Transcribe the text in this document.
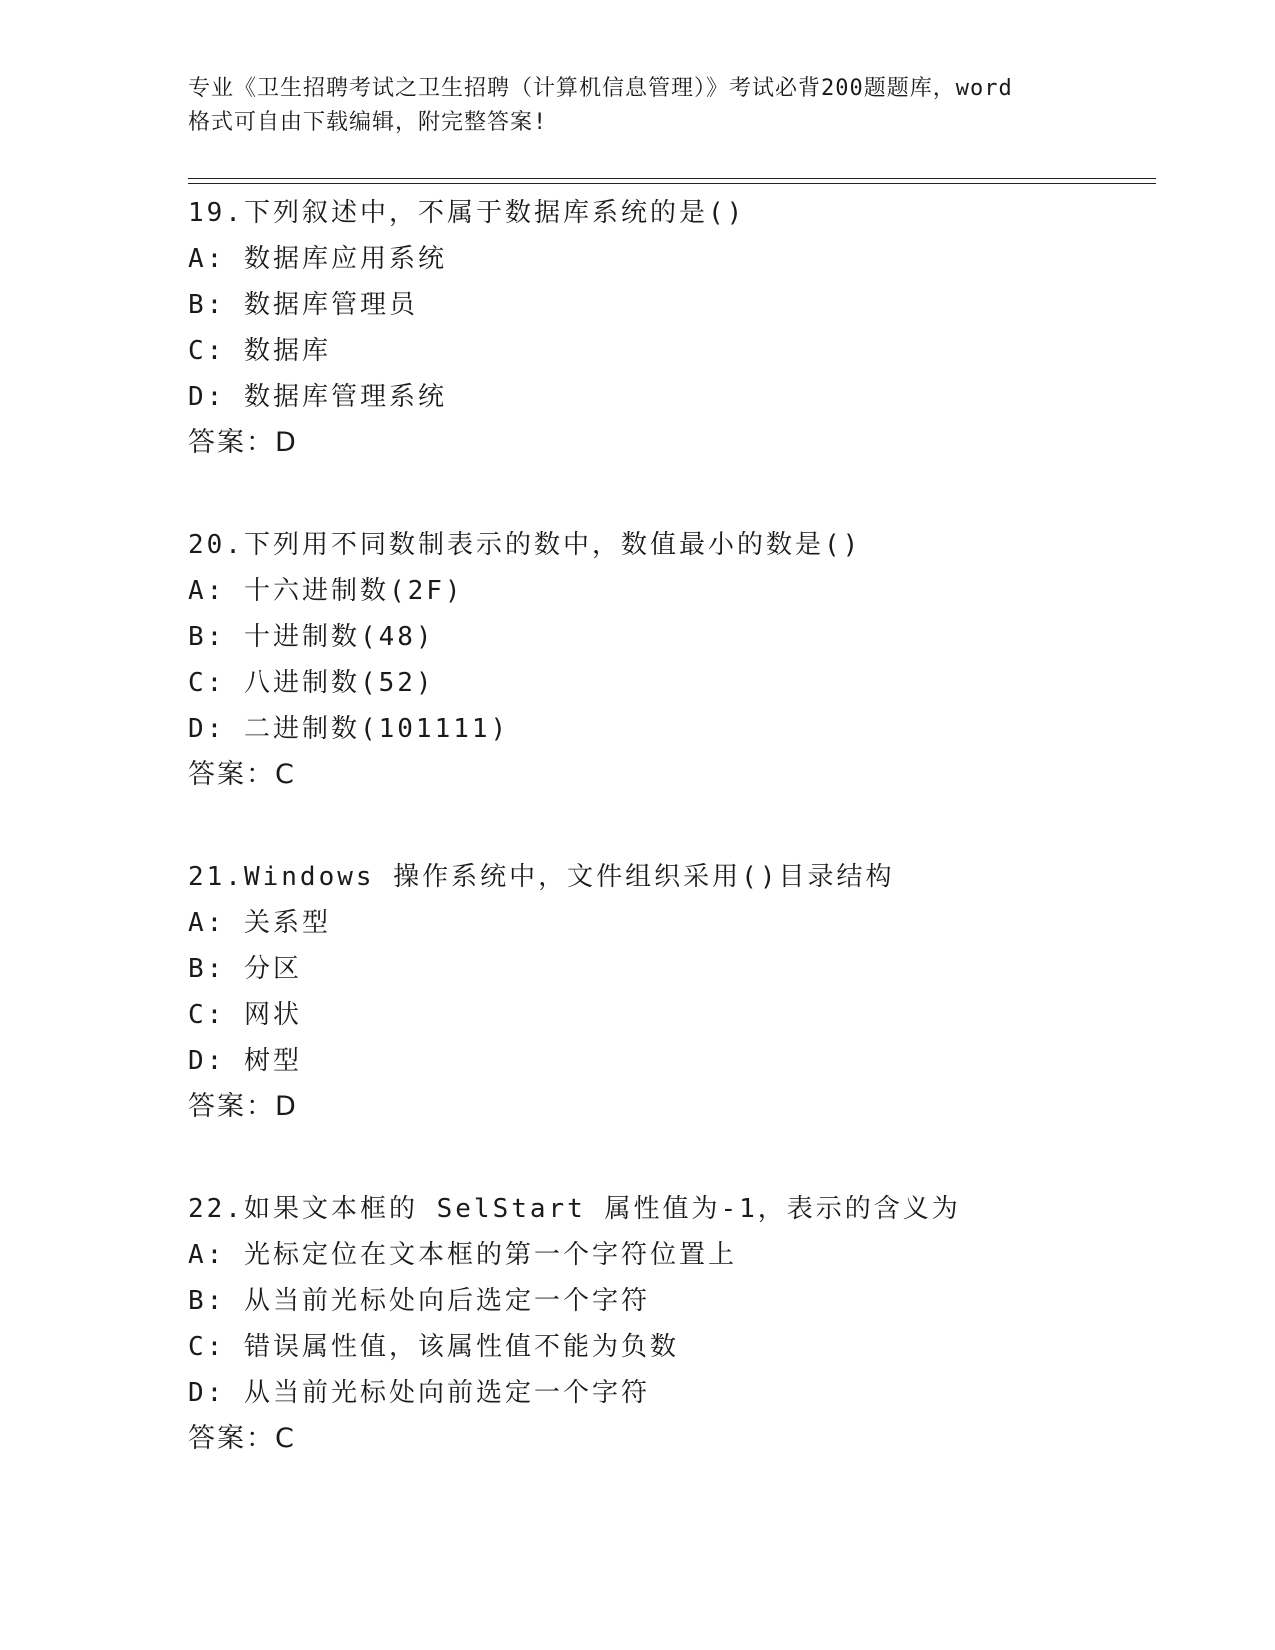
专业《卫生招聘考试之卫生招聘（计算机信息管理）》考试必背200题题库，word
格式可自由下载编辑，附完整答案!
19.下列叙述中，不属于数据库系统的是()
A: 数据库应用系统
B: 数据库管理员
C: 数据库
D: 数据库管理系统
答案：D
20.下列用不同数制表示的数中，数值最小的数是()
A: 十六进制数(2F)
B: 十进制数(48)
C: 八进制数(52)
D: 二进制数(101111)
答案：C
21.Windows 操作系统中，文件组织采用()目录结构
A: 关系型
B: 分区
C: 网状
D: 树型
答案：D
22.如果文本框的 SelStart 属性值为-1，表示的含义为
A: 光标定位在文本框的第一个字符位置上
B: 从当前光标处向后选定一个字符
C: 错误属性值，该属性值不能为负数
D: 从当前光标处向前选定一个字符
答案：C
